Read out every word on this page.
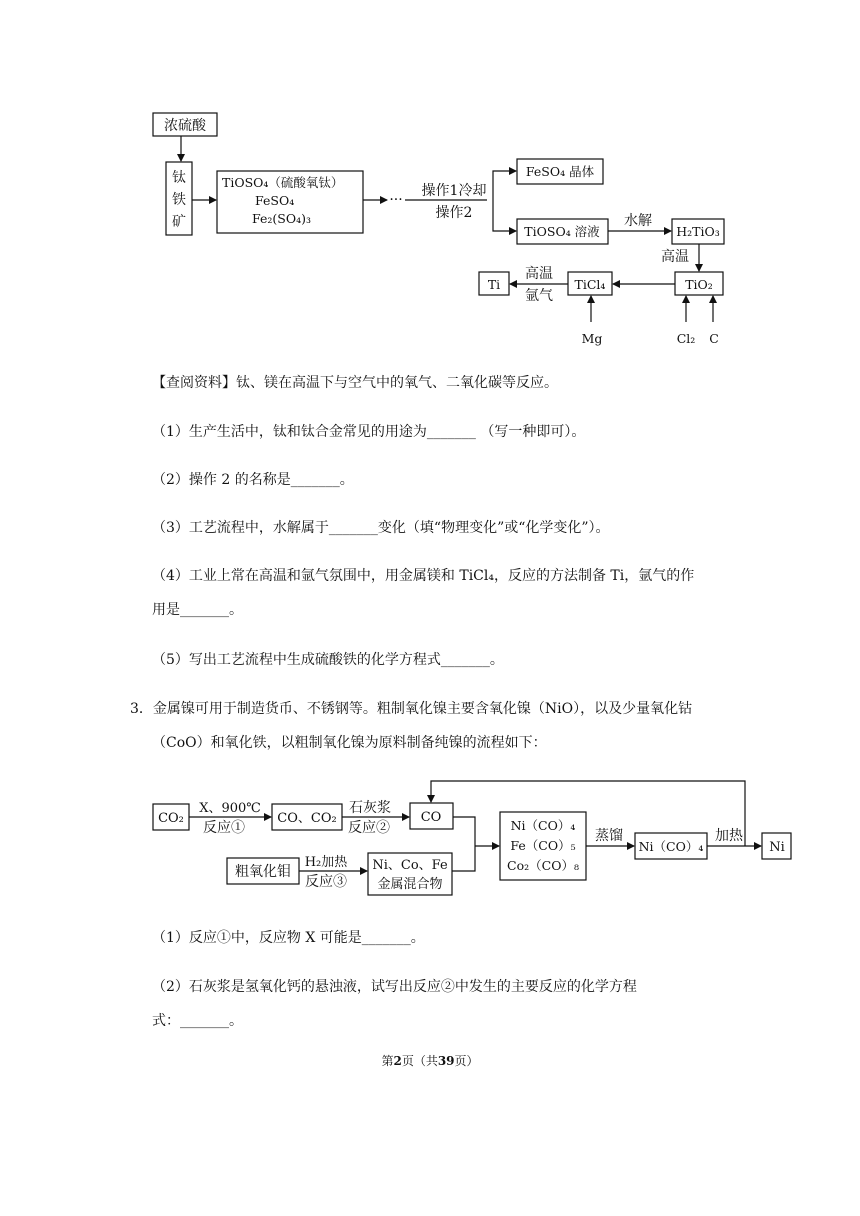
浓硫酸
钛
铁
矿
TiOSO₄（硫酸氧钛）
FeSO₄
Fe₂(SO₄)₃
···
操作1冷却
操作2
FeSO₄ 晶体
TiOSO₄ 溶液
水解
H₂TiO₃
高温
TiO₂
TiCl₄
高温
氩气
Ti
Mg	Cl₂ C
CO₂
X、900℃
反应①
CO、CO₂
石灰浆
反应②
CO
粗氧化钼
H₂加热
反应③
Ni、Co、Fe
金属混合物
Ni（CO）₄
Fe（CO）₅
Co₂（CO）₈
蒸馏
Ni（CO）₄
加热
Ni
【查阅资料】钛、镁在高温下与空气中的氧气、二氧化碳等反应。
（1）生产生活中，钛和钛合金常见的用途为_______ （写一种即可）。
（2）操作 2 的名称是_______。
（3）工艺流程中，水解属于_______变化（填“物理变化”或“化学变化”）。
（4）工业上常在高温和氩气氛围中，用金属镁和 TiCl₄，反应的方法制备 Ti，氩气的作
用是_______。
（5）写出工艺流程中生成硫酸铁的化学方程式_______。
3．金属镍可用于制造货币、不锈钢等。粗制氧化镍主要含氧化镍（NiO），以及少量氧化钴
（CoO）和氧化铁，以粗制氧化镍为原料制备纯镍的流程如下：
（1）反应①中，反应物 X 可能是_______。
（2）石灰浆是氢氧化钙的悬浊液，试写出反应②中发生的主要反应的化学方程
式：_______。
第2页（共39页）
